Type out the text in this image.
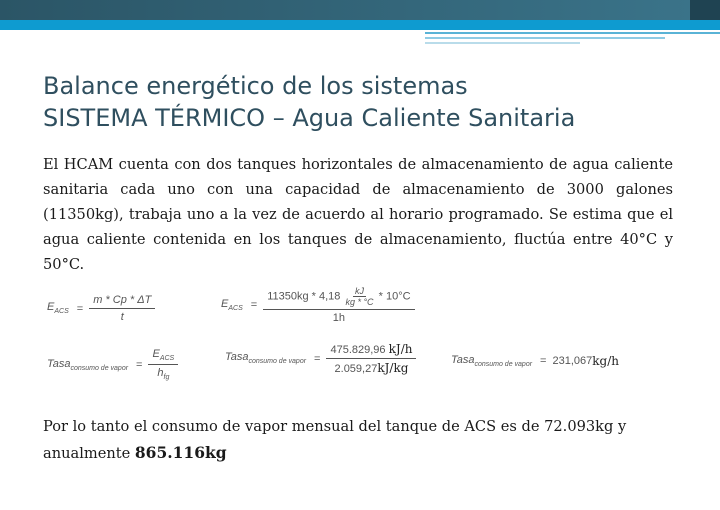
Balance energético de los sistemas
SISTEMA TÉRMICO – Agua Caliente Sanitaria

El HCAM cuenta con dos tanques horizontales de almacenamiento de agua caliente sanitaria cada uno con una capacidad de almacenamiento de 3000 galones (11350kg), trabaja uno a la vez de acuerdo al horario programado. Se estima que el agua caliente contenida en los tanques de almacenamiento, fluctúa entre 40°C y 50°C.

$E_{ACS} = \frac{m * Cp * \Delta T}{t}$	$E_{ACS}$ =
$11350kg * 4,18 \frac{kJ}{kg * ^\circ C} * 10^\circ C$
1h
Tasa$_{consumo de vapor}$ = $\frac{E_{ACS}}{h_{fg}}$	Tasa$_{consumo de vapor}$ = $\frac{475.829,96 kJ/h}{2.059,27kJ/kg}$	Tasa$_{consumo de vapor}$ = 231,067 kg/h

Por lo tanto el consumo de vapor mensual del tanque de ACS es de 72.093kg y anualmente 865.116kg
